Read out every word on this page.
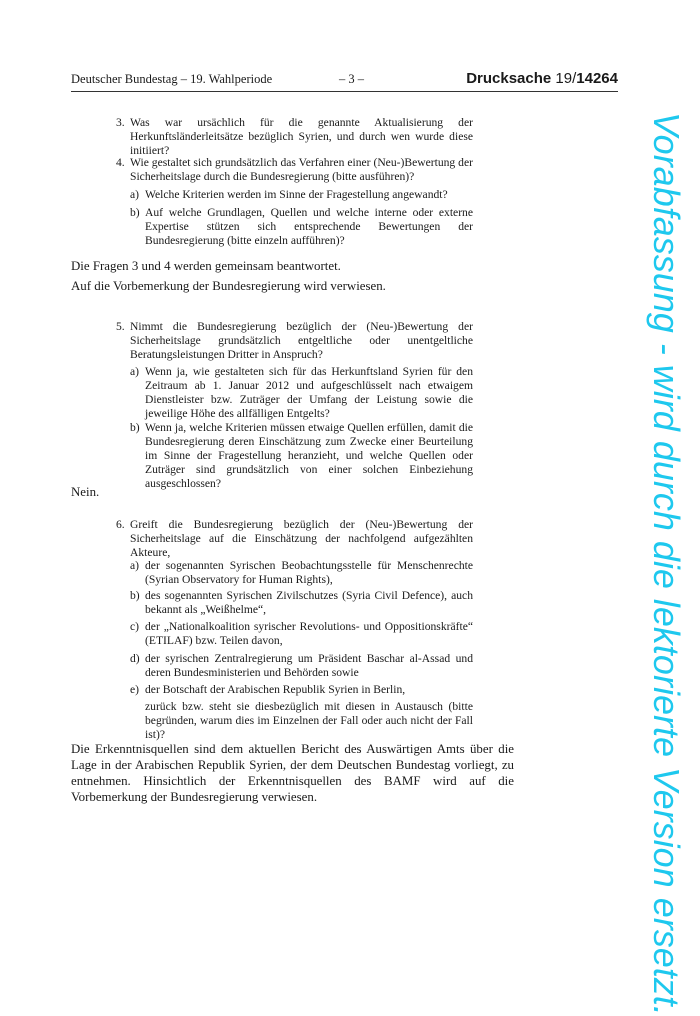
Deutscher Bundestag – 19. Wahlperiode	– 3 –	Drucksache 19/14264
3. Was war ursächlich für die genannte Aktualisierung der Herkunftsländerleitsätze bezüglich Syrien, und durch wen wurde diese initiiert?
4. Wie gestaltet sich grundsätzlich das Verfahren einer (Neu-)Bewertung der Sicherheitslage durch die Bundesregierung (bitte ausführen)?
a) Welche Kriterien werden im Sinne der Fragestellung angewandt?
b) Auf welche Grundlagen, Quellen und welche interne oder externe Expertise stützen sich entsprechende Bewertungen der Bundesregierung (bitte einzeln aufführen)?
Die Fragen 3 und 4 werden gemeinsam beantwortet.
Auf die Vorbemerkung der Bundesregierung wird verwiesen.
5. Nimmt die Bundesregierung bezüglich der (Neu-)Bewertung der Sicherheitslage grundsätzlich entgeltliche oder unentgeltliche Beratungsleistungen Dritter in Anspruch?
a) Wenn ja, wie gestalteten sich für das Herkunftsland Syrien für den Zeitraum ab 1. Januar 2012 und aufgeschlüsselt nach etwaigem Dienstleister bzw. Zuträger der Umfang der Leistung sowie die jeweilige Höhe des allfälligen Entgelts?
b) Wenn ja, welche Kriterien müssen etwaige Quellen erfüllen, damit die Bundesregierung deren Einschätzung zum Zwecke einer Beurteilung im Sinne der Fragestellung heranzieht, und welche Quellen oder Zuträger sind grundsätzlich von einer solchen Einbeziehung ausgeschlossen?
Nein.
6. Greift die Bundesregierung bezüglich der (Neu-)Bewertung der Sicherheitslage auf die Einschätzung der nachfolgend aufgezählten Akteure,
a) der sogenannten Syrischen Beobachtungsstelle für Menschenrechte (Syrian Observatory for Human Rights),
b) des sogenannten Syrischen Zivilschutzes (Syria Civil Defence), auch bekannt als „Weißhelme“,
c) der „Nationalkoalition syrischer Revolutions- und Oppositionskräfte“ (ETILAF) bzw. Teilen davon,
d) der syrischen Zentralregierung um Präsident Baschar al-Assad und deren Bundesministerien und Behörden sowie
e) der Botschaft der Arabischen Republik Syrien in Berlin,
zurück bzw. steht sie diesbezüglich mit diesen in Austausch (bitte begründen, warum dies im Einzelnen der Fall oder auch nicht der Fall ist)?
Die Erkenntnisquellen sind dem aktuellen Bericht des Auswärtigen Amts über die Lage in der Arabischen Republik Syrien, der dem Deutschen Bundestag vorliegt, zu entnehmen. Hinsichtlich der Erkenntnisquellen des BAMF wird auf die Vorbemerkung der Bundesregierung verwiesen.	Vorabfassung - wird durch die lektorierte Version ersetzt.
